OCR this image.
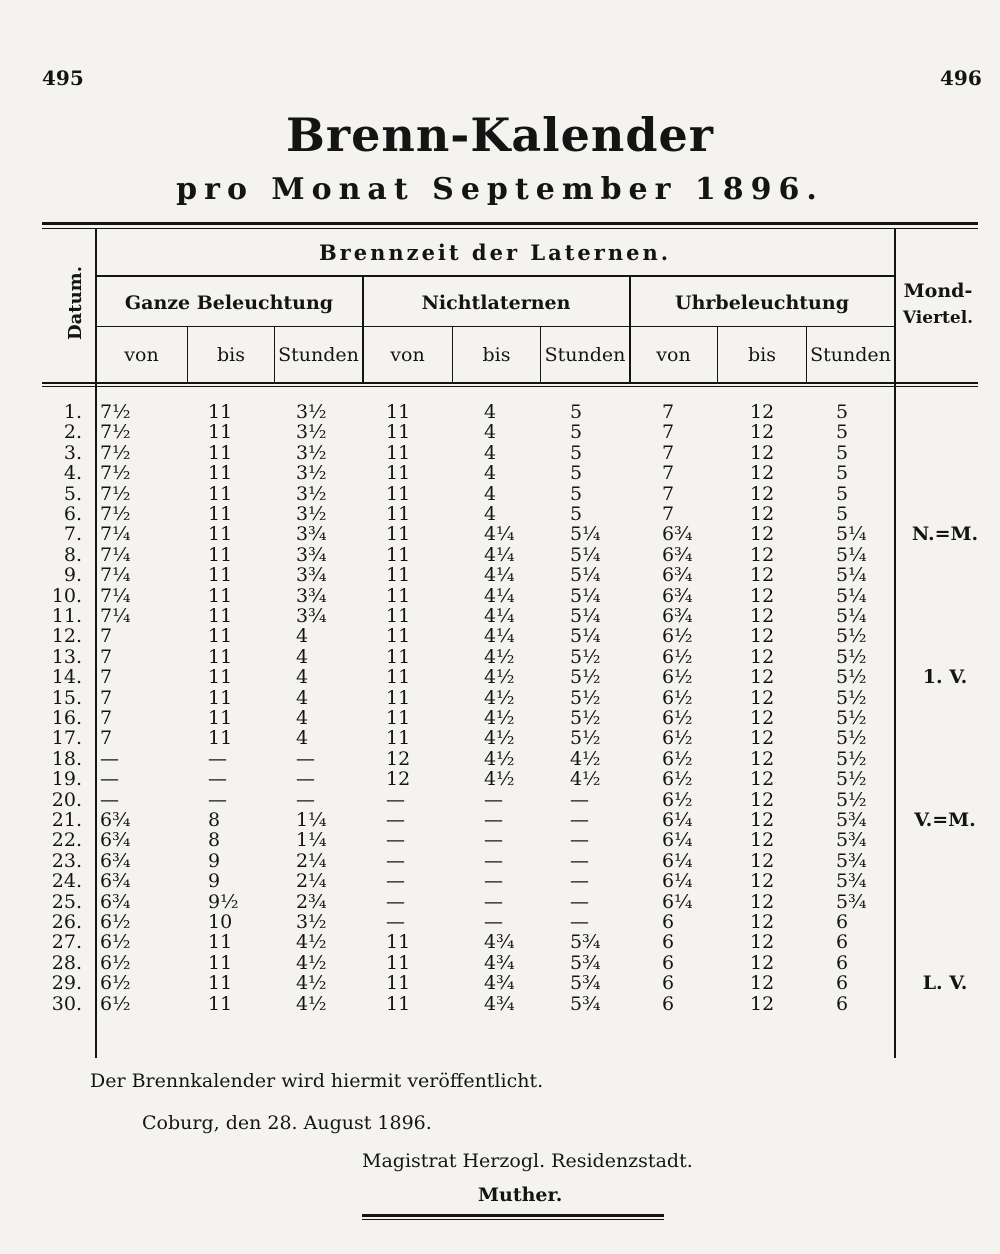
495	496
Brenn-Kalender
pro Monat September 1896.
Brennzeit der Laternen.
Datum.	Ganze Beleuchtung	Nichtlaternen	Uhrbeleuchtung
Mond-
Viertel.
von	bis	Stunden	von	bis	Stunden	von	bis	Stunden
1. 7½	11	3½	11	4	5	7	12	5
2. 7½	11	3½	11	4	5	7	12	5
3. 7½	11	3½	11	4	5	7	12	5
4. 7½	11	3½	11	4	5	7	12	5
5. 7½	11	3½	11	4	5	7	12	5
6. 7½	11	3½	11	4	5	7	12	5
7. 7¼	11	3¾	11	4¼	5¼	6¾	12	5¼	N.=M.
8. 7¼	11	3¾	11	4¼	5¼	6¾	12	5¼
9. 7¼	11	3¾	11	4¼	5¼	6¾	12	5¼
10. 7¼	11	3¾	11	4¼	5¼	6¾	12	5¼
11. 7¼	11	3¾	11	4¼	5¼	6¾	12	5¼
12. 7	11	4	11	4¼	5¼	6½	12	5½
13. 7	11	4	11	4½	5½	6½	12	5½
14. 7	11	4	11	4½	5½	6½	12	5½	1. V.
15. 7	11	4	11	4½	5½	6½	12	5½
16. 7	11	4	11	4½	5½	6½	12	5½
17. 7	11	4	11	4½	5½	6½	12	5½
18. —	—	—	12	4½	4½	6½	12	5½
19. —	—	—	12	4½	4½	6½	12	5½
20. —	—	—	—	—	—	6½	12	5½
21. 6¾	8	1¼	—	—	—	6¼	12	5¾	V.=M.
22. 6¾	8	1¼	—	—	—	6¼	12	5¾
23. 6¾	9	2¼	—	—	—	6¼	12	5¾
24. 6¾	9	2¼	—	—	—	6¼	12	5¾
25. 6¾	9½	2¾	—	—	—	6¼	12	5¾
26. 6½	10	3½	—	—	—	6	12	6
27. 6½	11	4½	11	4¾	5¾	6	12	6
28. 6½	11	4½	11	4¾	5¾	6	12	6
29. 6½	11	4½	11	4¾	5¾	6	12	6	L. V.
30. 6½	11	4½	11	4¾	5¾	6	12	6
Der Brennkalender wird hiermit veröffentlicht.
Coburg, den 28. August 1896.
Magistrat Herzogl. Residenzstadt.
Muther.
